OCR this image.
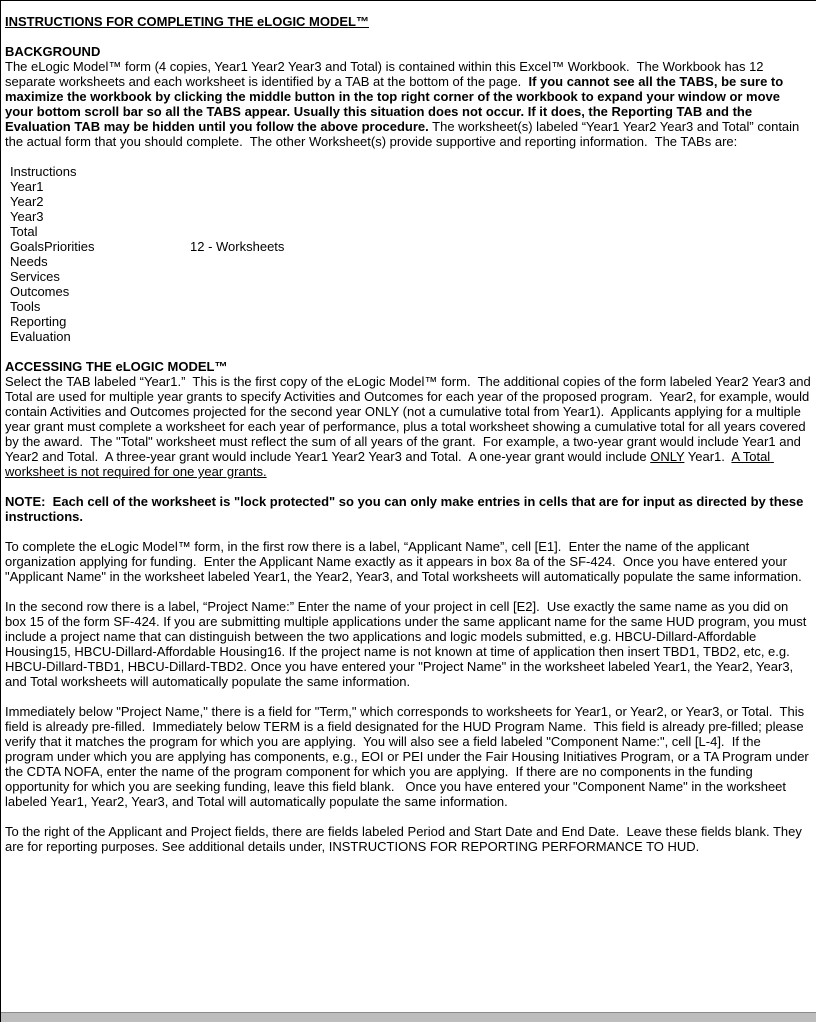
INSTRUCTIONS FOR COMPLETING THE eLOGIC MODEL™
BACKGROUND

The eLogic Model™ form (4 copies, Year1 Year2 Year3 and Total) is contained within this Excel™ Workbook.  The Workbook has 12 separate worksheets and each worksheet is identified by a TAB at the bottom of the page.  If you cannot see all the TABS, be sure to maximize the workbook by clicking the middle button in the top right corner of the workbook to expand your window or move your bottom scroll bar so all the TABS appear. Usually this situation does not occur. If it does, the Reporting TAB and the Evaluation TAB may be hidden until you follow the above procedure. The worksheet(s) labeled “Year1 Year2 Year3 and Total” contain the actual form that you should complete.  The other Worksheet(s) provide supportive and reporting information.  The TABs are:

Instructions
Year1
Year2
Year3
Total
GoalsPriorities	12 - Worksheets
Needs
Services
Outcomes
Tools
Reporting
Evaluation
ACCESSING THE eLOGIC MODEL™

Select the TAB labeled “Year1.”  This is the first copy of the eLogic Model™ form.  The additional copies of the form labeled Year2 Year3 and Total are used for multiple year grants to specify Activities and Outcomes for each year of the proposed program.  Year2, for example, would contain Activities and Outcomes projected for the second year ONLY (not a cumulative total from Year1).  Applicants applying for a multiple year grant must complete a worksheet for each year of performance, plus a total worksheet showing a cumulative total for all years covered by the award.  The "Total" worksheet must reflect the sum of all years of the grant.  For example, a two-year grant would include Year1 and Year2 and Total.  A three-year grant would include Year1 Year2 Year3 and Total.  A one-year grant would include ONLY Year1.  A Total worksheet is not required for one year grants.

NOTE:  Each cell of the worksheet is "lock protected" so you can only make entries in cells that are for input as directed by these instructions.

To complete the eLogic Model™ form, in the first row there is a label, “Applicant Name”, cell [E1].  Enter the name of the applicant organization applying for funding.  Enter the Applicant Name exactly as it appears in box 8a of the SF-424.  Once you have entered your "Applicant Name" in the worksheet labeled Year1, the Year2, Year3, and Total worksheets will automatically populate the same information.

In the second row there is a label, “Project Name:” Enter the name of your project in cell [E2].  Use exactly the same name as you did on box 15 of the form SF-424. If you are submitting multiple applications under the same applicant name for the same HUD program, you must include a project name that can distinguish between the two applications and logic models submitted, e.g. HBCU-Dillard-Affordable Housing15, HBCU-Dillard-Affordable Housing16. If the project name is not known at time of application then insert TBD1, TBD2, etc, e.g. HBCU-Dillard-TBD1, HBCU-Dillard-TBD2. Once you have entered your "Project Name" in the worksheet labeled Year1, the Year2, Year3, and Total worksheets will automatically populate the same information.

Immediately below "Project Name," there is a field for "Term," which corresponds to worksheets for Year1, or Year2, or Year3, or Total.  This field is already pre-filled.  Immediately below TERM is a field designated for the HUD Program Name.  This field is already pre-filled; please verify that it matches the program for which you are applying.  You will also see a field labeled "Component Name:", cell [L-4].  If the program under which you are applying has components, e.g., EOI or PEI under the Fair Housing Initiatives Program, or a TA Program under the CDTA NOFA, enter the name of the program component for which you are applying.  If there are no components in the funding opportunity for which you are seeking funding, leave this field blank.   Once you have entered your "Component Name" in the worksheet labeled Year1, Year2, Year3, and Total will automatically populate the same information.

To the right of the Applicant and Project fields, there are fields labeled Period and Start Date and End Date.  Leave these fields blank. They are for reporting purposes. See additional details under, INSTRUCTIONS FOR REPORTING PERFORMANCE TO HUD.
